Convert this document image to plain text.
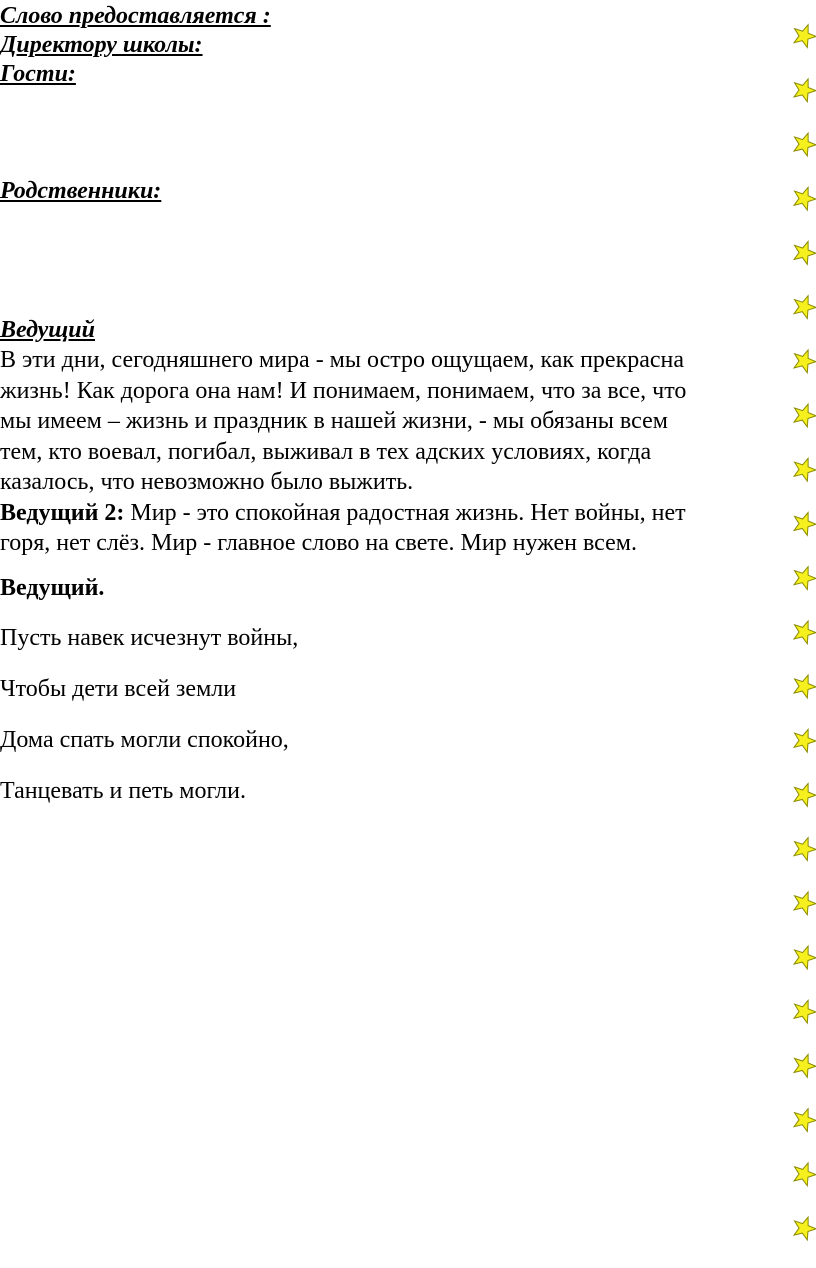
Слово предоставляется :

Директору школы:

Гости:

Родственники:

Ведущий

В эти дни, сегодняшнего мира - мы остро ощущаем, как прекрасна

жизнь! Как дорога она нам! И понимаем, понимаем, что за все, что

мы имеем – жизнь и праздник в нашей жизни, - мы обязаны всем

тем, кто воевал, погибал, выживал в тех адских условиях, когда

казалось, что невозможно было выжить.

Ведущий 2: Мир - это спокойная радостная жизнь. Нет войны, нет

горя, нет слёз. Мир - главное слово на свете. Мир нужен всем.

Ведущий.

Пусть навек исчезнут войны,

Чтобы дети всей земли

Дома спать могли спокойно,

Танцевать и петь могли.
